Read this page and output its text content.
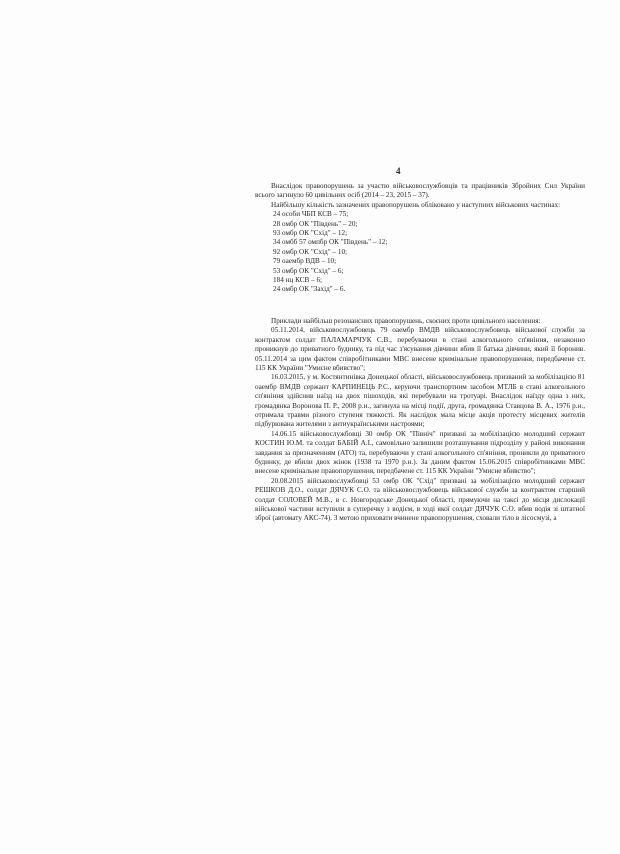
4

Внаслідок правопорушень за участю військовослужбовців та працівників Збройних Сил України всього загинуло 60 цивільних осіб (2014 – 23, 2015 – 37).

Найбільшу кількість зазначених правопорушень обліковано у наступних військових частинах:

24 особи ЧБП КСВ – 75;
28 омбр ОК "Південь" – 20;
93 омбр ОК "Схід" – 12;
34 омбб 57 омпбр ОК "Південь" – 12;
92 омбр ОК "Схід" – 10;
79 оаембр ВДВ – 10;
53 омбр ОК "Схід" – 6;
184 нц КСВ – 6;
24 омбр ОК "Захід" – 6.

Приклади найбільш резонансних правопорушень, скоєних проти цивільного населення:

05.11.2014, військовослужбовець 79 оаембр ВМДВ військовослужбовець військової служби за контрактом солдат ПАЛАМАРЧУК С.В., перебуваючи в стані алкогольного сп'яніння, незаконно проникнув до приватного будинку, та під час з'ясування дівчини вбив її батька дівчини, який її боронив. 05.11.2014 за цим фактом співробітниками МВС внесене кримінальне правопорушення, передбачене ст. 115 КК України "Умисне вбивство";

16.03.2015, у м. Костянтинівка Донецької області, військовослужбовець призваний за мобілізацією 81 оаембр ВМДВ сержант КАРПИНЕЦЬ Р.С., керуючи транспортним засобом МТЛБ в стані алкогольного сп'яніння здійснив наїзд на двох пішоходів, які перебували на тротуарі. Внаслідок наїзду одна з них, громадянка Воронова П. Р., 2008 р.н., загинула на місці події, друга, громадянка Ставцова В. А., 1976 р.н., отримала травми різного ступеня тяжкості. Як наслідок мала місце акція протесту місцевих жителів підбурювана жителями з антиукраїнськими настроями;

14.06.15 військовослужбовці 30 омбр ОК "Північ" призвані за мобілізацією молодший сержант КОСТИН Ю.М. та солдат БАБІЙ А.І., самовільно залишили розташування підрозділу у районі виконання завдання за призначенням (АТО) та, перебуваючи у стані алкогольного сп'яніння, проникли до приватного будинку, де вбили двох жінок (1938 та 1970 р.н.). За даним фактом 15.06.2015 співробітниками МВС внесене кримінальне правопорушення, передбачене ст. 115 КК України "Умисне вбивство";

20.08.2015 військовослужбовці 53 омбр ОК "Схід" призвані за мобілізацією молодший сержант РЕШКОВ Д.О., солдат ДЯЧУК С.О. та військовослужбовець військової служби за контрактом старший солдат СОЛОВЕЙ М.В., в с. Новгородське Донецької області, прямуючи на таксі до місця дислокації військової частини вступили в суперечку з водієм, в ході якої солдат ДЯЧУК С.О. вбив водія зі штатної зброї (автомату АКС-74). З метою приховати вчинене правопорушення, сховали тіло в лісосмузі, а
